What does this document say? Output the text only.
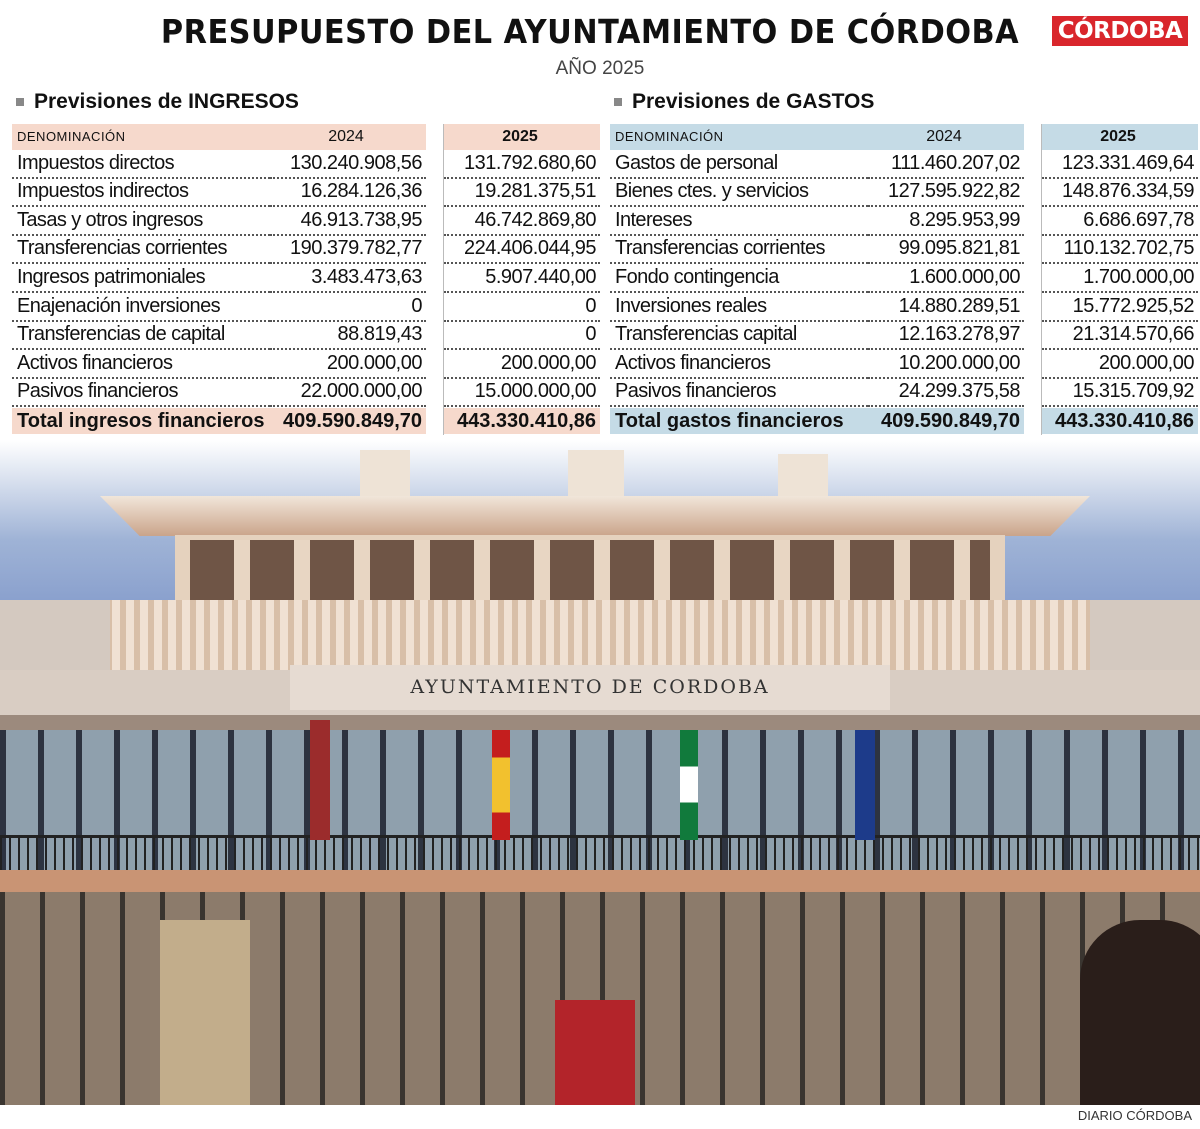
PRESUPUESTO DEL AYUNTAMIENTO DE CÓRDOBA	CÓRDOBA
AÑO 2025
Previsiones de INGRESOS	Previsiones de GASTOS
DENOMINACIÓN	2024	2025
Impuestos directos	130.240.908,56	131.792.680,60
Impuestos indirectos	16.284.126,36	19.281.375,51
Tasas y otros ingresos	46.913.738,95	46.742.869,80
Transferencias corrientes	190.379.782,77	224.406.044,95
Ingresos patrimoniales	3.483.473,63	5.907.440,00
Enajenación inversiones	0	0
Transferencias de capital	88.819,43	0
Activos financieros	200.000,00	200.000,00
Pasivos financieros	22.000.000,00	15.000.000,00
Total ingresos financieros 409.590.849,70	443.330.410,86
DENOMINACIÓN	2024	2025
Gastos de personal	111.460.207,02	123.331.469,64
Bienes ctes. y servicios	127.595.922,82	148.876.334,59
Intereses	8.295.953,99	6.686.697,78
Transferencias corrientes	99.095.821,81	110.132.702,75
Fondo contingencia	1.600.000,00	1.700.000,00
Inversiones reales	14.880.289,51	15.772.925,52
Transferencias capital	12.163.278,97	21.314.570,66
Activos financieros	10.200.000,00	200.000,00
Pasivos financieros	24.299.375,58	15.315.709,92
Total gastos financieros	409.590.849,70	443.330.410,86
AYUNTAMIENTO DE CORDOBA
DIARIO CÓRDOBA
